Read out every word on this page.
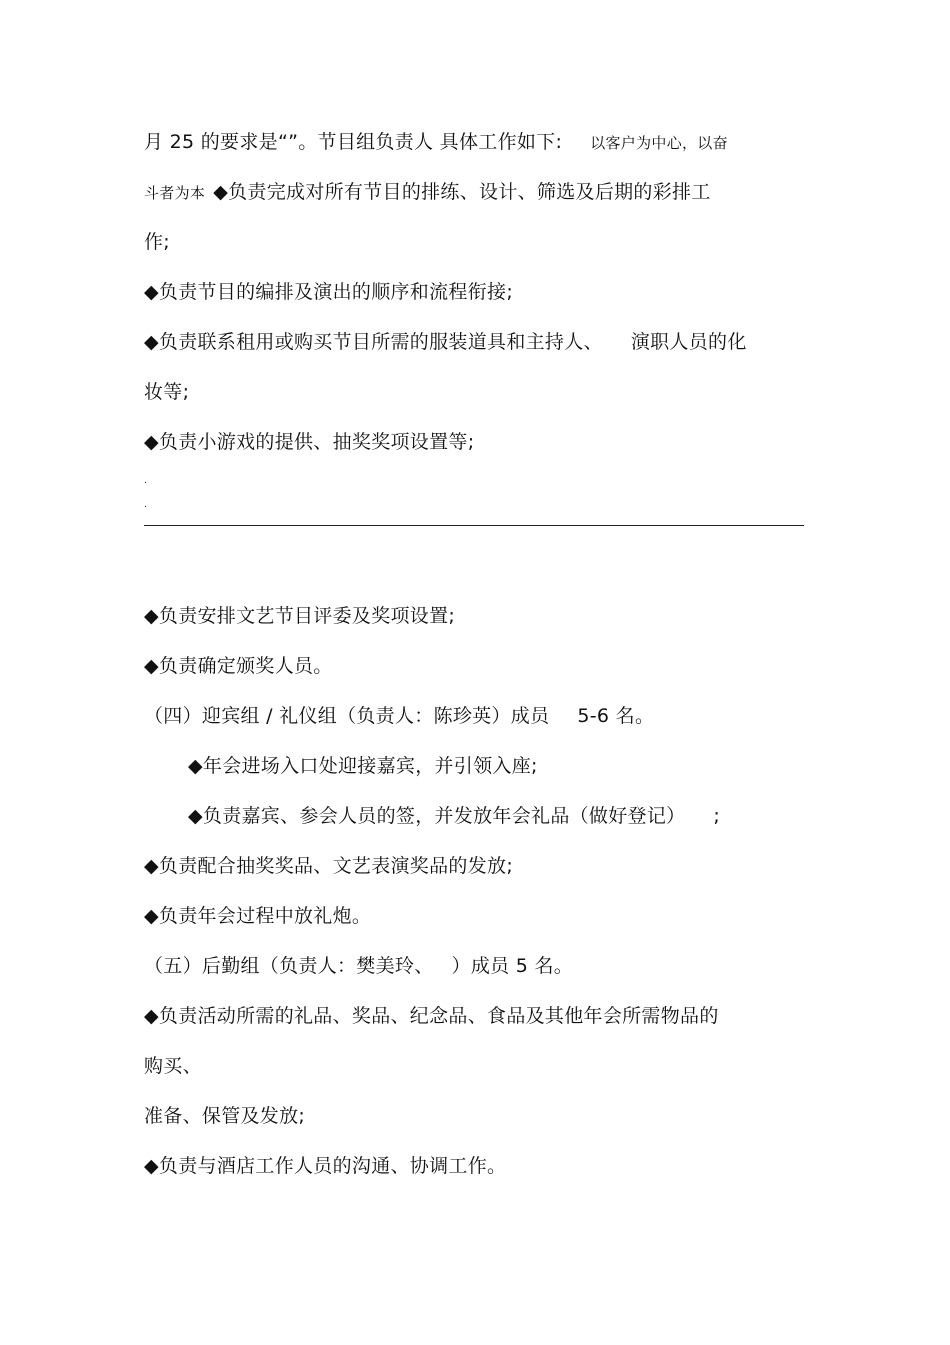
月 25 的要求是“”。节目组负责人 具体工作如下: 以客户为中心，以奋
斗者为本 ◆负责完成对所有节目的排练、设计、筛选及后期的彩排工
作;
◆负责节目的编排及演出的顺序和流程衔接;
◆负责联系租用或购买节目所需的服装道具和主持人、 演职人员的化
妆等;
◆负责小游戏的提供、抽奖奖项设置等;
.
.
◆负责安排文艺节目评委及奖项设置;
◆负责确定颁奖人员。
（四）迎宾组 / 礼仪组（负责人：陈珍英）成员 5-6 名。
◆年会进场入口处迎接嘉宾，并引领入座;
◆负责嘉宾、参会人员的签，并发放年会礼品（做好登记） ;
◆负责配合抽奖奖品、文艺表演奖品的发放;
◆负责年会过程中放礼炮。
（五）后勤组（负责人：樊美玲、 ）成员 5 名。
◆负责活动所需的礼品、奖品、纪念品、食品及其他年会所需物品的
购买、
准备、保管及发放;
◆负责与酒店工作人员的沟通、协调工作。
